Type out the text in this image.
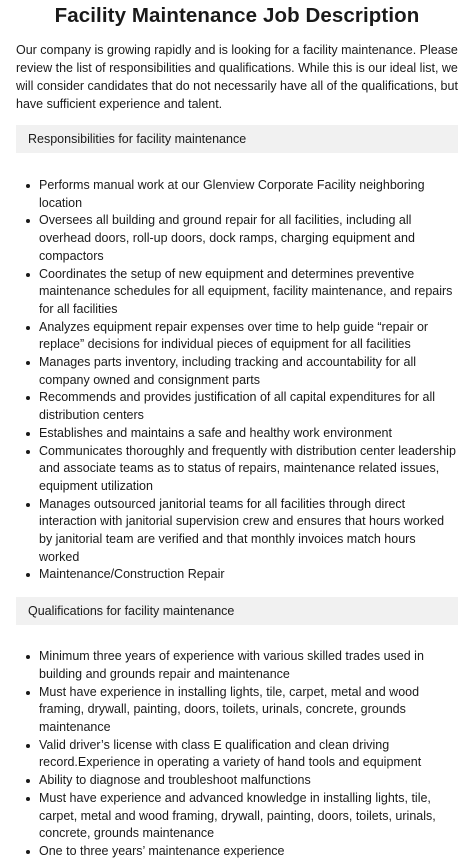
Facility Maintenance Job Description

Our company is growing rapidly and is looking for a facility maintenance. Please review the list of responsibilities and qualifications. While this is our ideal list, we will consider candidates that do not necessarily have all of the qualifications, but have sufficient experience and talent.

Responsibilities for facility maintenance
Performs manual work at our Glenview Corporate Facility neighboring location
Oversees all building and ground repair for all facilities, including all overhead doors, roll-up doors, dock ramps, charging equipment and compactors
Coordinates the setup of new equipment and determines preventive maintenance schedules for all equipment, facility maintenance, and repairs for all facilities
Analyzes equipment repair expenses over time to help guide “repair or replace” decisions for individual pieces of equipment for all facilities
Manages parts inventory, including tracking and accountability for all company owned and consignment parts
Recommends and provides justification of all capital expenditures for all distribution centers
Establishes and maintains a safe and healthy work environment
Communicates thoroughly and frequently with distribution center leadership and associate teams as to status of repairs, maintenance related issues, equipment utilization
Manages outsourced janitorial teams for all facilities through direct interaction with janitorial supervision crew and ensures that hours worked by janitorial team are verified and that monthly invoices match hours worked
Maintenance/Construction Repair
Qualifications for facility maintenance
Minimum three years of experience with various skilled trades used in building and grounds repair and maintenance
Must have experience in installing lights, tile, carpet, metal and wood framing, drywall, painting, doors, toilets, urinals, concrete, grounds maintenance
Valid driver’s license with class E qualification and clean driving record.Experience in operating a variety of hand tools and equipment
Ability to diagnose and troubleshoot malfunctions
Must have experience and advanced knowledge in installing lights, tile, carpet, metal and wood framing, drywall, painting, doors, toilets, urinals, concrete, grounds maintenance
One to three years’ maintenance experience
